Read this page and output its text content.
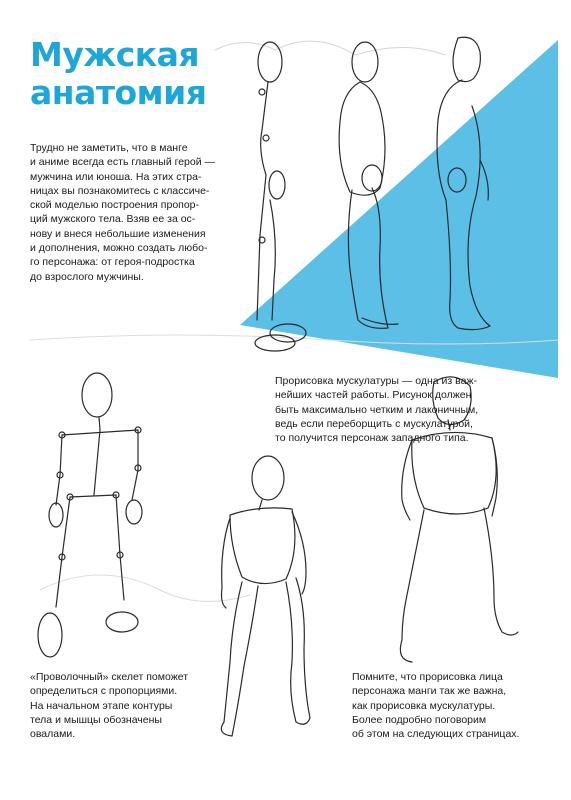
Мужская
анатомия
Трудно не заметить, что в манге
и аниме всегда есть главный герой —
мужчина или юноша. На этих стра-
ницах вы познакомитесь с классиче-
ской моделью построения пропор-
ций мужского тела. Взяв ее за ос-
нову и внеся небольшие изменения
и дополнения, можно создать любо-
го персонажа: от героя-подростка
до взрослого мужчины.
Прорисовка мускулатуры — одна из важ-
нейших частей работы. Рисунок должен
быть максимально четким и лаконичным,
ведь если переборщить с мускулатурой,
то получится персонаж западного типа.
«Проволочный» скелет поможет
определиться с пропорциями.
На начальном этапе контуры
тела и мышцы обозначены
овалами.
Помните, что прорисовка лица
персонажа манги так же важна,
как прорисовка мускулатуры.
Более подробно поговорим
об этом на следующих страницах.
